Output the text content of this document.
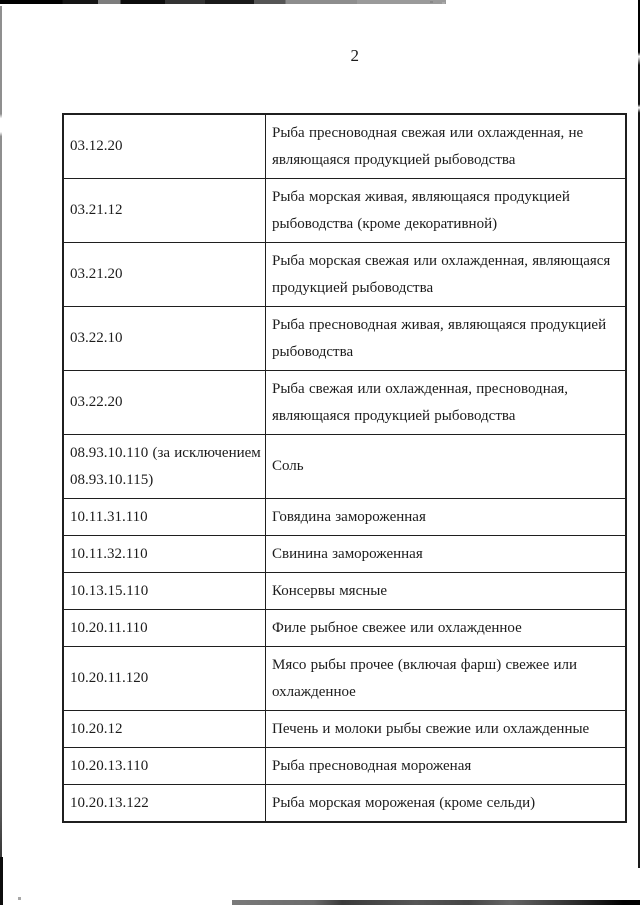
2
03.12.20	Рыба пресноводная свежая или охлажденная, не являющаяся продукцией рыбоводства
03.21.12	Рыба морская живая, являющаяся продукцией рыбоводства (кроме декоративной)
03.21.20	Рыба морская свежая или охлажденная, являющаяся продукцией рыбоводства
03.22.10	Рыба пресноводная живая, являющаяся продукцией рыбоводства
03.22.20	Рыба свежая или охлажденная, пресноводная, являющаяся продукцией рыбоводства
08.93.10.110 (за исключением 08.93.10.115)	Соль
10.11.31.110	Говядина замороженная
10.11.32.110	Свинина замороженная
10.13.15.110	Консервы мясные
10.20.11.110	Филе рыбное свежее или охлажденное
10.20.11.120	Мясо рыбы прочее (включая фарш) свежее или охлажденное
10.20.12	Печень и молоки рыбы свежие или охлажденные
10.20.13.110	Рыба пресноводная мороженая
10.20.13.122	Рыба морская мороженая (кроме сельди)
